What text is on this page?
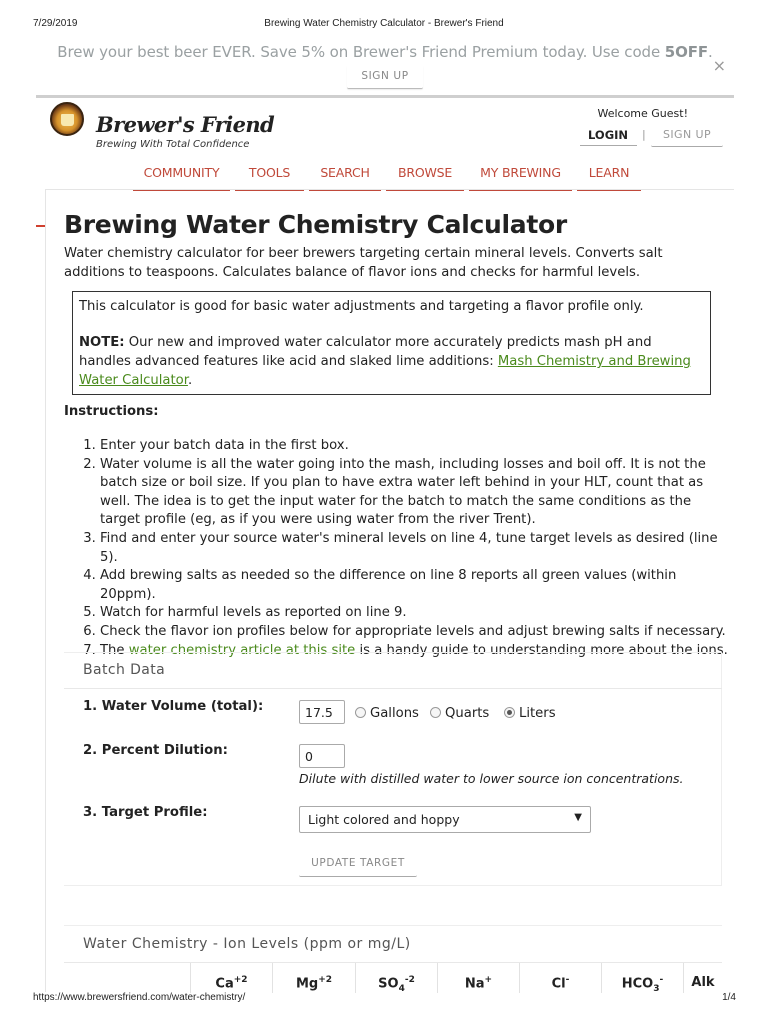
7/29/2019	Brewing Water Chemistry Calculator - Brewer's Friend
Brew your best beer EVER. Save 5% on Brewer's Friend Premium today. Use code 5OFF.
SIGN UP
×
Brewer's Friend
Brewing With Total Confidence
Welcome Guest!
LOGIN	|	SIGN UP
COMMUNITY	TOOLS	SEARCH	BROWSE	MY BREWING	LEARN
Brewing Water Chemistry Calculator
Water chemistry calculator for beer brewers targeting certain mineral levels. Converts salt additions to teaspoons. Calculates balance of flavor ions and checks for harmful levels.

This calculator is good for basic water adjustments and targeting a flavor profile only.

NOTE: Our new and improved water calculator more accurately predicts mash pH and handles advanced features like acid and slaked lime additions: Mash Chemistry and Brewing Water Calculator.

Instructions:
1. Enter your batch data in the first box.
2. Water volume is all the water going into the mash, including losses and boil off. It is not the batch size or boil size. If you plan to have extra water left behind in your HLT, count that as well. The idea is to get the input water for the batch to match the same conditions as the target profile (eg, as if you were using water from the river Trent).
3. Find and enter your source water's mineral levels on line 4, tune target levels as desired (line 5).
4. Add brewing salts as needed so the difference on line 8 reports all green values (within 20ppm).
5. Watch for harmful levels as reported on line 9.
6. Check the flavor ion profiles below for appropriate levels and adjust brewing salts if necessary.
7. The water chemistry article at this site is a handy guide to understanding more about the ions.
Batch Data
1. Water Volume (total):
17.5	Gallons	Quarts	Liters
2. Percent Dilution:
0
Dilute with distilled water to lower source ion concentrations.
3. Target Profile:	Light colored and hoppy	▼
UPDATE TARGET
Water Chemistry - Ion Levels (ppm or mg/L)
$Ca^{+2}$	$Mg^{+2}$	$SO_4^{-2}$	Na+	Cl-	$HCO_3^-$	Alk
https://www.brewersfriend.com/water-chemistry/	1/4
